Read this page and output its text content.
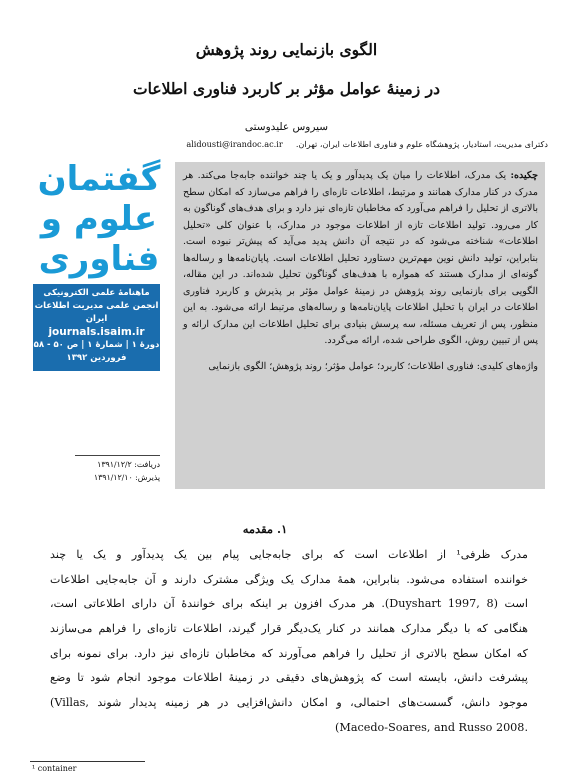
الگوی بازنمایی روند پژوهش
در زمینهٔ عوامل مؤثر بر کاربرد فناوری اطلاعات
سیروس علیدوستی
دکترای مدیریت، استادیار، پژوهشگاه علوم و فناوری اطلاعات ایران، تهران.     alidousti@irandoc.ac.ir
چکیده: یک مدرک، اطلاعات را میان یک پدیدآور و یک یا چند خواننده جابه‌جا می‌کند. هر مدرک در کنار مدارک همانند و مرتبط، اطلاعات تازه‌ای را فراهم می‌سازد که امکان سطح بالاتری از تحلیل را فراهم می‌آورد که مخاطبان تازه‌ای نیز دارد و برای هدف‌های گوناگون به کار می‌رود. تولید اطلاعات تازه از اطلاعات موجود در مدارک، با عنوان کلی «تحلیل اطلاعات» شناخته می‌شود که در نتیجه آن دانش پدید می‌آید که پیش‌تر نبوده است. بنابراین، تولید دانش نوین مهم‌ترین دستاورد تحلیل اطلاعات است. پایان‌نامه‌ها و رساله‌ها گونه‌ای از مدارک هستند که همواره با هدف‌های گوناگون تحلیل شده‌اند. در این مقاله، الگویی برای بازنمایی روند پژوهش در زمینهٔ عوامل مؤثر بر پذیرش و کاربرد فناوری اطلاعات در ایران با تحلیل اطلاعات پایان‌نامه‌ها و رساله‌های مرتبط ارائه می‌شود. به این منظور، پس از تعریف مسئله، سه پرسش بنیادی برای تحلیل اطلاعات این مدارک ارائه و پس از تبیین روش، الگوی طراحی شده، ارائه می‌گردد.
واژه‌های کلیدی: فناوری اطلاعات؛ کاربرد؛ عوامل مؤثر؛ روند پژوهش؛ الگوی بازنمایی
گفتمان
علوم و
فناوری
ماهنامهٔ علمی الکترونیکی
انجمن علمی مدیریت اطلاعات ایران
journals.isaim.ir
دورهٔ ۱ | شمارهٔ ۱ | ص ۵۰ - ۵۸
فروردین ۱۳۹۲
دریافت: ۱۳۹۱/۱۲/۲
پذیرش: ۱۳۹۱/۱۲/۱۰
۱. مقدمه
مدرک ظرفی¹ از اطلاعات است که برای جابه‌جایی پیام بین یک پدیدآور و یک یا چند
خواننده استفاده می‌شود. بنابراین، همهٔ مدارک یک ویژگی مشترک دارند و آن جابه‌جایی اطلاعات
است (8 ,Duyshart 1997). هر مدرک افزون بر اینکه برای خوانندهٔ آن دارای اطلاعاتی است،
هنگامی که با دیگر مدارک همانند در کنار یک‌دیگر قرار گیرند، اطلاعات تازه‌ای را فراهم می‌سازند
که امکان سطح بالاتری از تحلیل را فراهم می‌آورند که مخاطبان تازه‌ای نیز دارد. برای نمونه برای
پیشرفت دانش، بایسته است که پژوهش‌های دقیقی در زمینهٔ اطلاعات موجود انجام شود تا وضع
موجود دانش، گسست‌های احتمالی، و امکان دانش‌افزایی در هر زمینه پدیدار شوند ,Villas)
.Macedo-Soares, and Russo 2008)
¹ container
